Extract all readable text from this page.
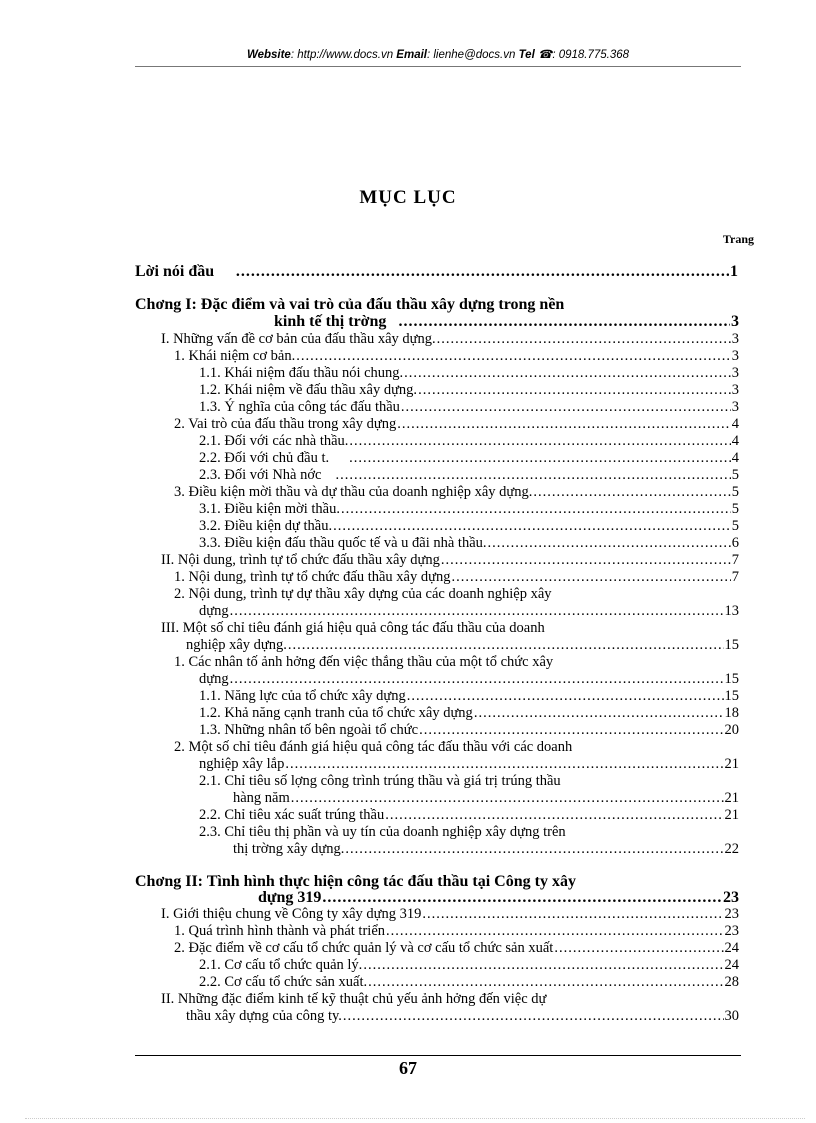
Website: http://www.docs.vn Email: lienhe@docs.vn Tel ☎: 0918.775.368
MỤC LỤC
Trang
Lời nói đầu .....	1
Chơng I: Đặc điểm và vai trò của đấu thầu xây dựng trong nền
kinh tế thị trờng .....	3
I. Những vấn đề cơ bản của đấu thầu xây dựng. .....	3
1. Khái niệm cơ bản. .....	3
1.1. Khái niệm đấu thầu nói chung. .....	3
1.2. Khái niệm về đấu thầu xây dựng. .....	3
1.3. Ý nghĩa của công tác đấu thầu .....	3
2. Vai trò của đấu thầu trong xây dựng .....	4
2.1. Đối với các nhà thầu. .....	4
2.2. Đối với chủ đầu t. .....	4
2.3. Đối với Nhà nớc .....	5
3. Điều kiện mời thầu và dự thầu của doanh nghiệp xây dựng. .....	5
3.1. Điều kiện mời thầu. .....	5
3.2. Điều kiện dự thầu. .....	5
3.3. Điều kiện đấu thầu quốc tế và u đãi nhà thầu. .....	6
II. Nội dung, trình tự tổ chức đấu thầu xây dựng .....	7
1. Nội dung, trình tự tổ chức đấu thầu xây dựng .....	7
2. Nội dung, trình tự dự thầu xây dựng của các doanh nghiệp xây
dựng .....	13
III. Một số chỉ tiêu đánh giá hiệu quả công tác đấu thầu của doanh
nghiệp xây dựng. .....	15
1. Các nhân tố ảnh hởng đến việc thắng thầu của một tổ chức xây
dựng .....	15
1.1. Năng lực của tổ chức xây dựng .....	15
1.2. Khả năng cạnh tranh của tổ chức xây dựng .....	18
1.3. Những nhân tố bên ngoài tổ chức .....	20
2. Một số chỉ tiêu đánh giá hiệu quả công tác đấu thầu với các doanh
nghiệp xây lắp .....	21
2.1. Chỉ tiêu số lợng công trình trúng thầu và giá trị trúng thầu
hàng năm .....	21
2.2. Chỉ tiêu xác suất trúng thầu .....	21
2.3. Chỉ tiêu thị phần và uy tín của doanh nghiệp xây dựng trên
thị trờng xây dựng. .....	22
Chơng II: Tình hình thực hiện công tác đấu thầu tại Công ty xây
dựng 319 .....	23
I. Giới thiệu chung về Công ty xây dựng 319 .....	23
1. Quá trình hình thành và phát triển .....	23
2. Đặc điểm về cơ cấu tổ chức quản lý và cơ cấu tổ chức sản xuất .....	24
2.1. Cơ cấu tổ chức quản lý. .....	24
2.2. Cơ cấu tổ chức sản xuất. .....	28
II. Những đặc điểm kinh tế kỹ thuật chủ yếu ảnh hởng đến việc dự
thầu xây dựng của công ty. .....	30
67
